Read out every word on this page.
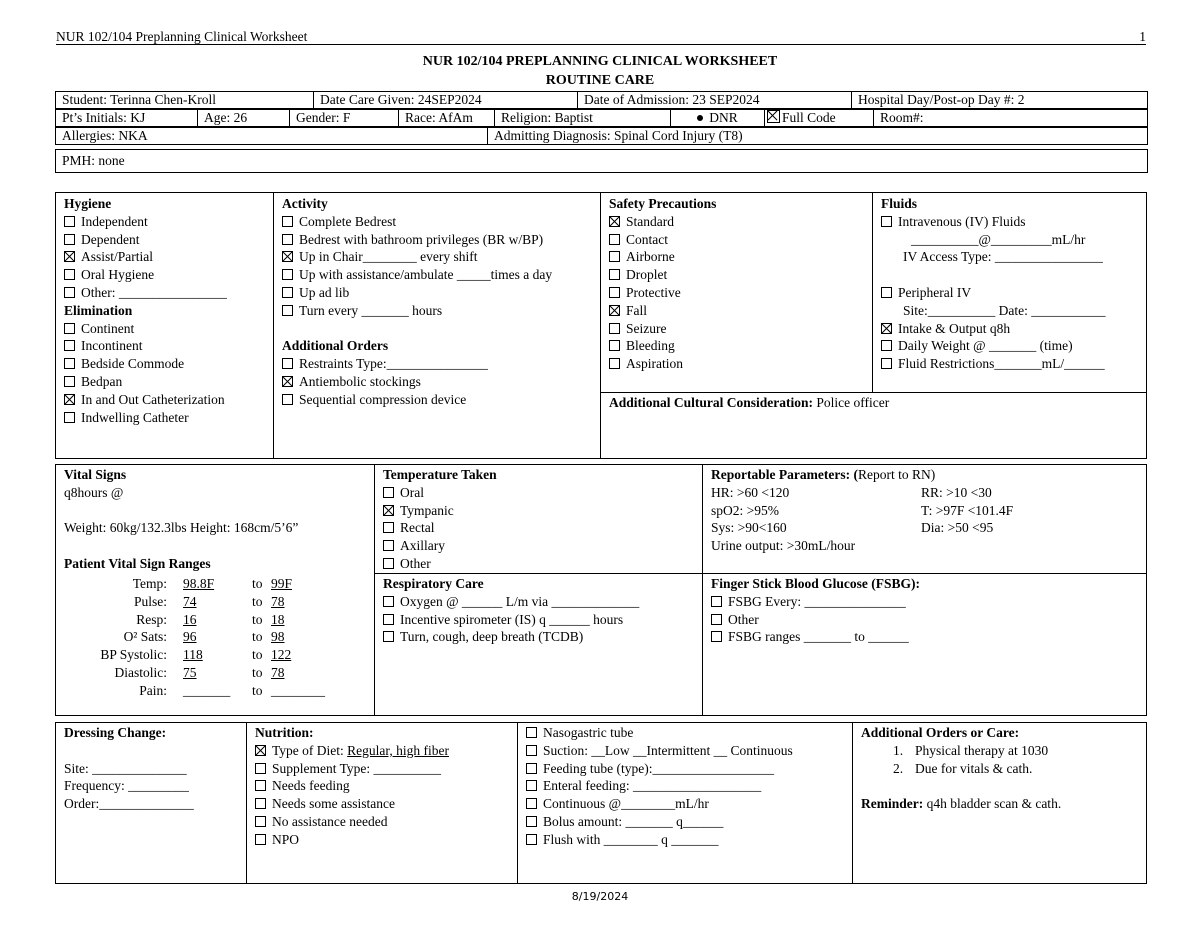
NUR 102/104 Preplanning Clinical Worksheet	1
NUR 102/104 PREPLANNING CLINICAL WORKSHEET
ROUTINE CARE
Student: Terinna Chen-Kroll	Date Care Given: 24SEP2024	Date of Admission: 23 SEP2024	Hospital Day/Post-op Day #: 2
Pt’s Initials: KJ	Age: 26	Gender: F	Race: AfAm	Religion: Baptist	DNR	Full Code	Room#:
Allergies: NKA	Admitting Diagnosis: Spinal Cord Injury (T8)
PMH: none
Hygiene
Independent
Dependent
Assist/Partial
Oral Hygiene
Other: ________________
Elimination
Continent
Incontinent
Bedside Commode
Bedpan
In and Out Catheterization
Indwelling Catheter
Activity
Complete Bedrest
Bedrest with bathroom privileges (BR w/BP)
Up in Chair________ every shift
Up with assistance/ambulate _____times a day
Up ad lib
Turn every _______ hours

Additional Orders
Restraints Type:_______________
Antiembolic stockings
Sequential compression device
Safety Precautions
Standard
Contact
Airborne
Droplet
Protective
Fall
Seizure
Bleeding
Aspiration
Additional Cultural Consideration: Police officer
Fluids
Intravenous (IV) Fluids
__________@_________mL/hr
IV Access Type: ________________

Peripheral IV
Site:__________ Date: ___________
Intake & Output q8h
Daily Weight @ _______ (time)
Fluid Restrictions_______mL/______
Vital Signs
q8hours @

Weight: 60kg/132.3lbs Height: 168cm/5’6”

Patient Vital Sign Ranges
Temp: 98.8F	to 99F
Pulse: 74	to 78
Resp: 16	to 18
O² Sats: 96	to 98
BP Systolic: 118	to 122
Diastolic: 75	to 78
Pain: _______ to ________
Temperature Taken
Oral
Tympanic
Rectal
Axillary
Other
Respiratory Care
Oxygen @ ______ L/m via _____________
Incentive spirometer (IS) q ______ hours
Turn, cough, deep breath (TCDB)
Reportable Parameters: (Report to RN)
HR: >60 <120	RR: >10 <30
spO2: >95%	T: >97F <101.4F
Sys: >90<160	Dia: >50 <95
Urine output: >30mL/hour
Finger Stick Blood Glucose (FSBG):
FSBG Every: _______________
Other
FSBG ranges _______ to ______
Dressing Change:

Site: ______________
Frequency: _________
Order:______________
Nutrition:
Type of Diet: Regular, high fiber
Supplement Type: __________
Needs feeding
Needs some assistance
No assistance needed
NPO
Nasogastric tube
Suction: __Low __Intermittent __ Continuous
Feeding tube (type):__________________
Enteral feeding: ___________________
Continuous @________mL/hr
Bolus amount: _______ q______
Flush with ________ q _______
Additional Orders or Care:
1. Physical therapy at 1030
2. Due for vitals & cath.

Reminder: q4h bladder scan & cath.
8/19/2024
